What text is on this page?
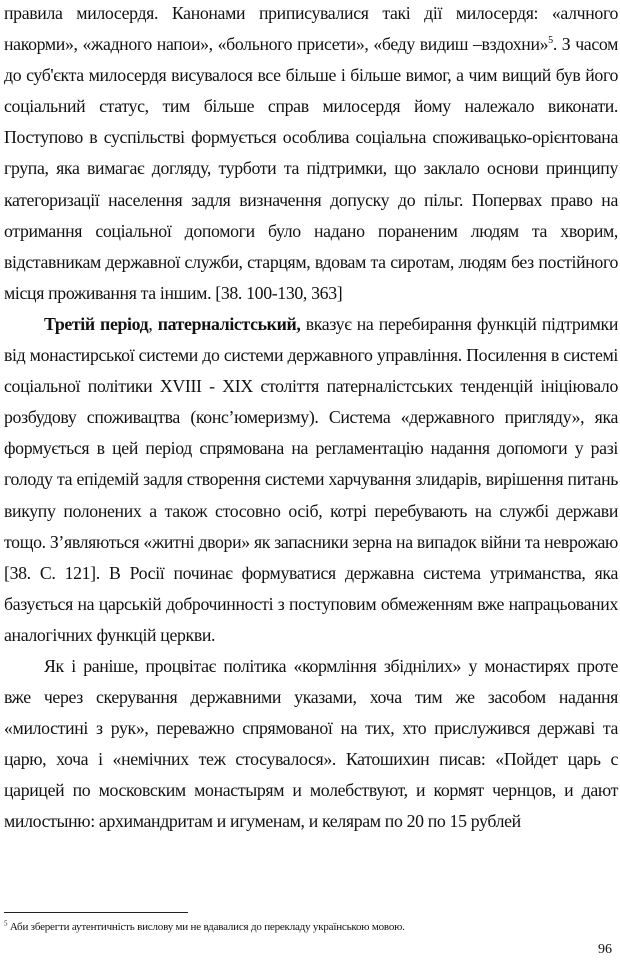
правила милосердя. Канонами приписувалися такі дії милосердя: «алчного накорми», «жадного напои», «больного присети», «беду видиш –вздохни»$^5$. З часом до суб'єкта милосердя висувалося все більше і більше вимог, а чим вищий був його соціальний статус, тим більше справ милосердя йому належало виконати. Поступово в суспільстві формується особлива соціальна споживацько-орієнтована група, яка вимагає догляду, турботи та підтримки, що заклало основи принципу категоризації населення задля визначення допуску до пільг. Поперваx право на отримання соціальної допомоги було надано пораненим людям та хворим, відставникам державної служби, старцям, вдовам та сиротам, людям без постійного місця проживання та іншим. [38. 100-130, 363]

Третій період, патерналістський, вказує на перебирання функцій підтримки від монастирської системи до системи державного управління. Посилення в системі соціальної політики XVIII - XIX століття патерналістських тенденцій ініціювало розбудову споживацтва (конс’юмеризму). Система «державного пригляду», яка формується в цей період спрямована на регламентацію надання допомоги у разі голоду та епідемій задля створення системи харчування злидарів, вирішення питань викупу полонених а також стосовно осіб, котрі перебувають на службі держави тощо. З’являються «житні двори» як запасники зерна на випадок війни та неврожаю [38. С. 121]. В Росії починає формуватися державна система утриманства, яка базується на царській доброчинності з поступовим обмеженням вже напрацьованих аналогічних функцій церкви.

Як і раніше, процвітає політика «кормління збіднілих» у монастирях проте вже через скерування державними указами, хоча тим же засобом надання «милостині з рук», переважно спрямованої на тих, хто прислужився державі та царю, хоча і «немічних теж стосувалося». Катошихин писав: «Пойдет царь с царицей по московским монастырям и молебствуют, и кормят чернцов, и дают милостыню: архимандритам и игуменам, и келярам по 20 по 15 рублей

$^5$ Аби зберегти аутентичність вислову ми не вдавалися до перекладу українською мовою.
96
